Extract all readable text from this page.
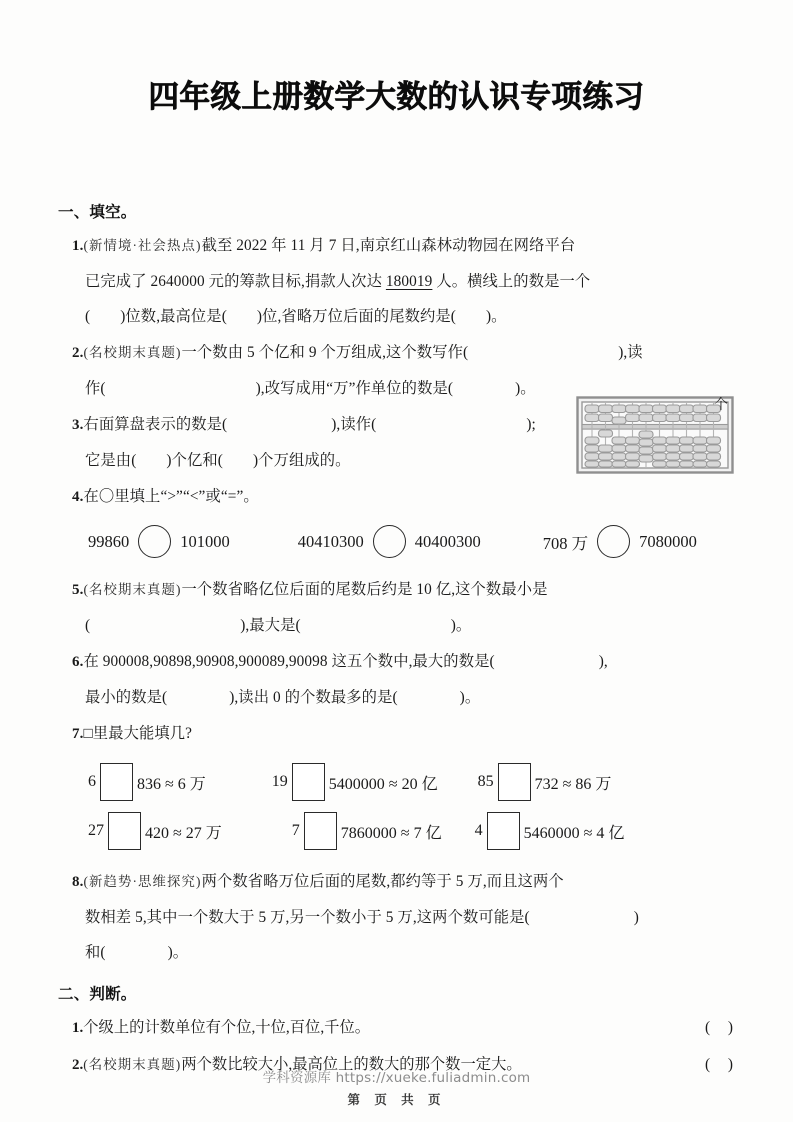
四年级上册数学大数的认识专项练习
一、填空。
1.(新情境·社会热点)截至 2022 年 11 月 7 日,南京红山森林动物园在网络平台
已完成了 2640000 元的筹款目标,捐款人次达 180019 人。横线上的数是一个
( )位数,最高位是( )位,省略万位后面的尾数约是( )。
2.(名校期末真题)一个数由 5 个亿和 9 个万组成,这个数写作(	),读
作(	),改写成用“万”作单位的数是(	)。
3.右面算盘表示的数是(	),读作(	);
它是由( )个亿和( )个万组成的。
4.在〇里填上“>”“<”或“=”。
99860	101000	40410300	40400300	708 万	7080000
5.(名校期末真题)一个数省略亿位后面的尾数后约是 10 亿,这个数最小是
(	),最大是(	)。
6.在 900008,90898,90908,900089,90098 这五个数中,最大的数是(	),
最小的数是(	),读出 0 的个数最多的是(	)。
7.□里最大能填几?
6	836 ≈ 6 万	19	5400000 ≈ 20 亿	85	732 ≈ 86 万
27	420 ≈ 27 万	7	7860000 ≈ 7 亿 4	5460000 ≈ 4 亿
8.(新趋势·思维探究)两个数省略万位后面的尾数,都约等于 5 万,而且这两个
数相差 5,其中一个数大于 5 万,另一个数小于 5 万,这两个数可能是(	)
和(	)。
二、判断。
1.个级上的计数单位有个位,十位,百位,千位。	( )
2.(名校期末真题)两个数比较大小,最高位上的数大的那个数一定大。	( )
个
学科资源库 https://xueke.fuliadmin.com
第 页 共 页
